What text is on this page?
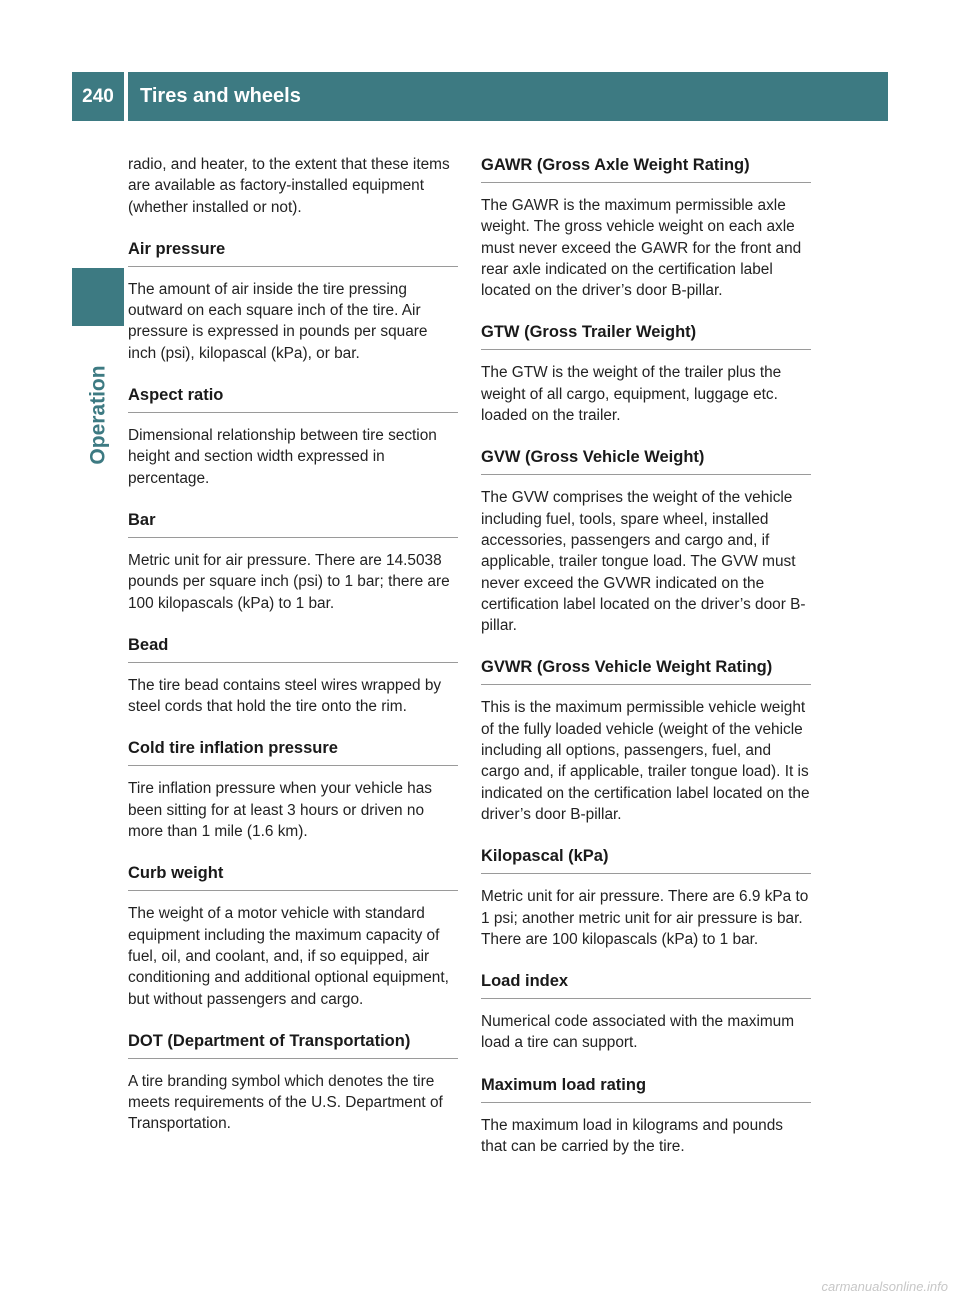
240	Tires and wheels
Operation

radio, and heater, to the extent that these items are available as factory-installed equipment (whether installed or not).

Air pressure

The amount of air inside the tire pressing outward on each square inch of the tire. Air pressure is expressed in pounds per square inch (psi), kilopascal (kPa), or bar.

Aspect ratio

Dimensional relationship between tire section height and section width expressed in percentage.

Bar

Metric unit for air pressure. There are 14.5038 pounds per square inch (psi) to 1 bar; there are 100 kilopascals (kPa) to 1 bar.

Bead

The tire bead contains steel wires wrapped by steel cords that hold the tire onto the rim.

Cold tire inflation pressure

Tire inflation pressure when your vehicle has been sitting for at least 3 hours or driven no more than 1 mile (1.6 km).

Curb weight

The weight of a motor vehicle with standard equipment including the maximum capacity of fuel, oil, and coolant, and, if so equipped, air conditioning and additional optional equipment, but without passengers and cargo.

DOT (Department of Transportation)

A tire branding symbol which denotes the tire meets requirements of the U.S. Department of Transportation.

GAWR (Gross Axle Weight Rating)

The GAWR is the maximum permissible axle weight. The gross vehicle weight on each axle must never exceed the GAWR for the front and rear axle indicated on the certification label located on the driver’s door B-pillar.

GTW (Gross Trailer Weight)

The GTW is the weight of the trailer plus the weight of all cargo, equipment, luggage etc. loaded on the trailer.

GVW (Gross Vehicle Weight)

The GVW comprises the weight of the vehicle including fuel, tools, spare wheel, installed accessories, passengers and cargo and, if applicable, trailer tongue load. The GVW must never exceed the GVWR indicated on the certification label located on the driver’s door B-pillar.

GVWR (Gross Vehicle Weight Rating)

This is the maximum permissible vehicle weight of the fully loaded vehicle (weight of the vehicle including all options, passengers, fuel, and cargo and, if applicable, trailer tongue load). It is indicated on the certification label located on the driver’s door B-pillar.

Kilopascal (kPa)

Metric unit for air pressure. There are 6.9 kPa to 1 psi; another metric unit for air pressure is bar. There are 100 kilopascals (kPa) to 1 bar.

Load index

Numerical code associated with the maximum load a tire can support.

Maximum load rating

The maximum load in kilograms and pounds that can be carried by the tire.

carmanualsonline.info
